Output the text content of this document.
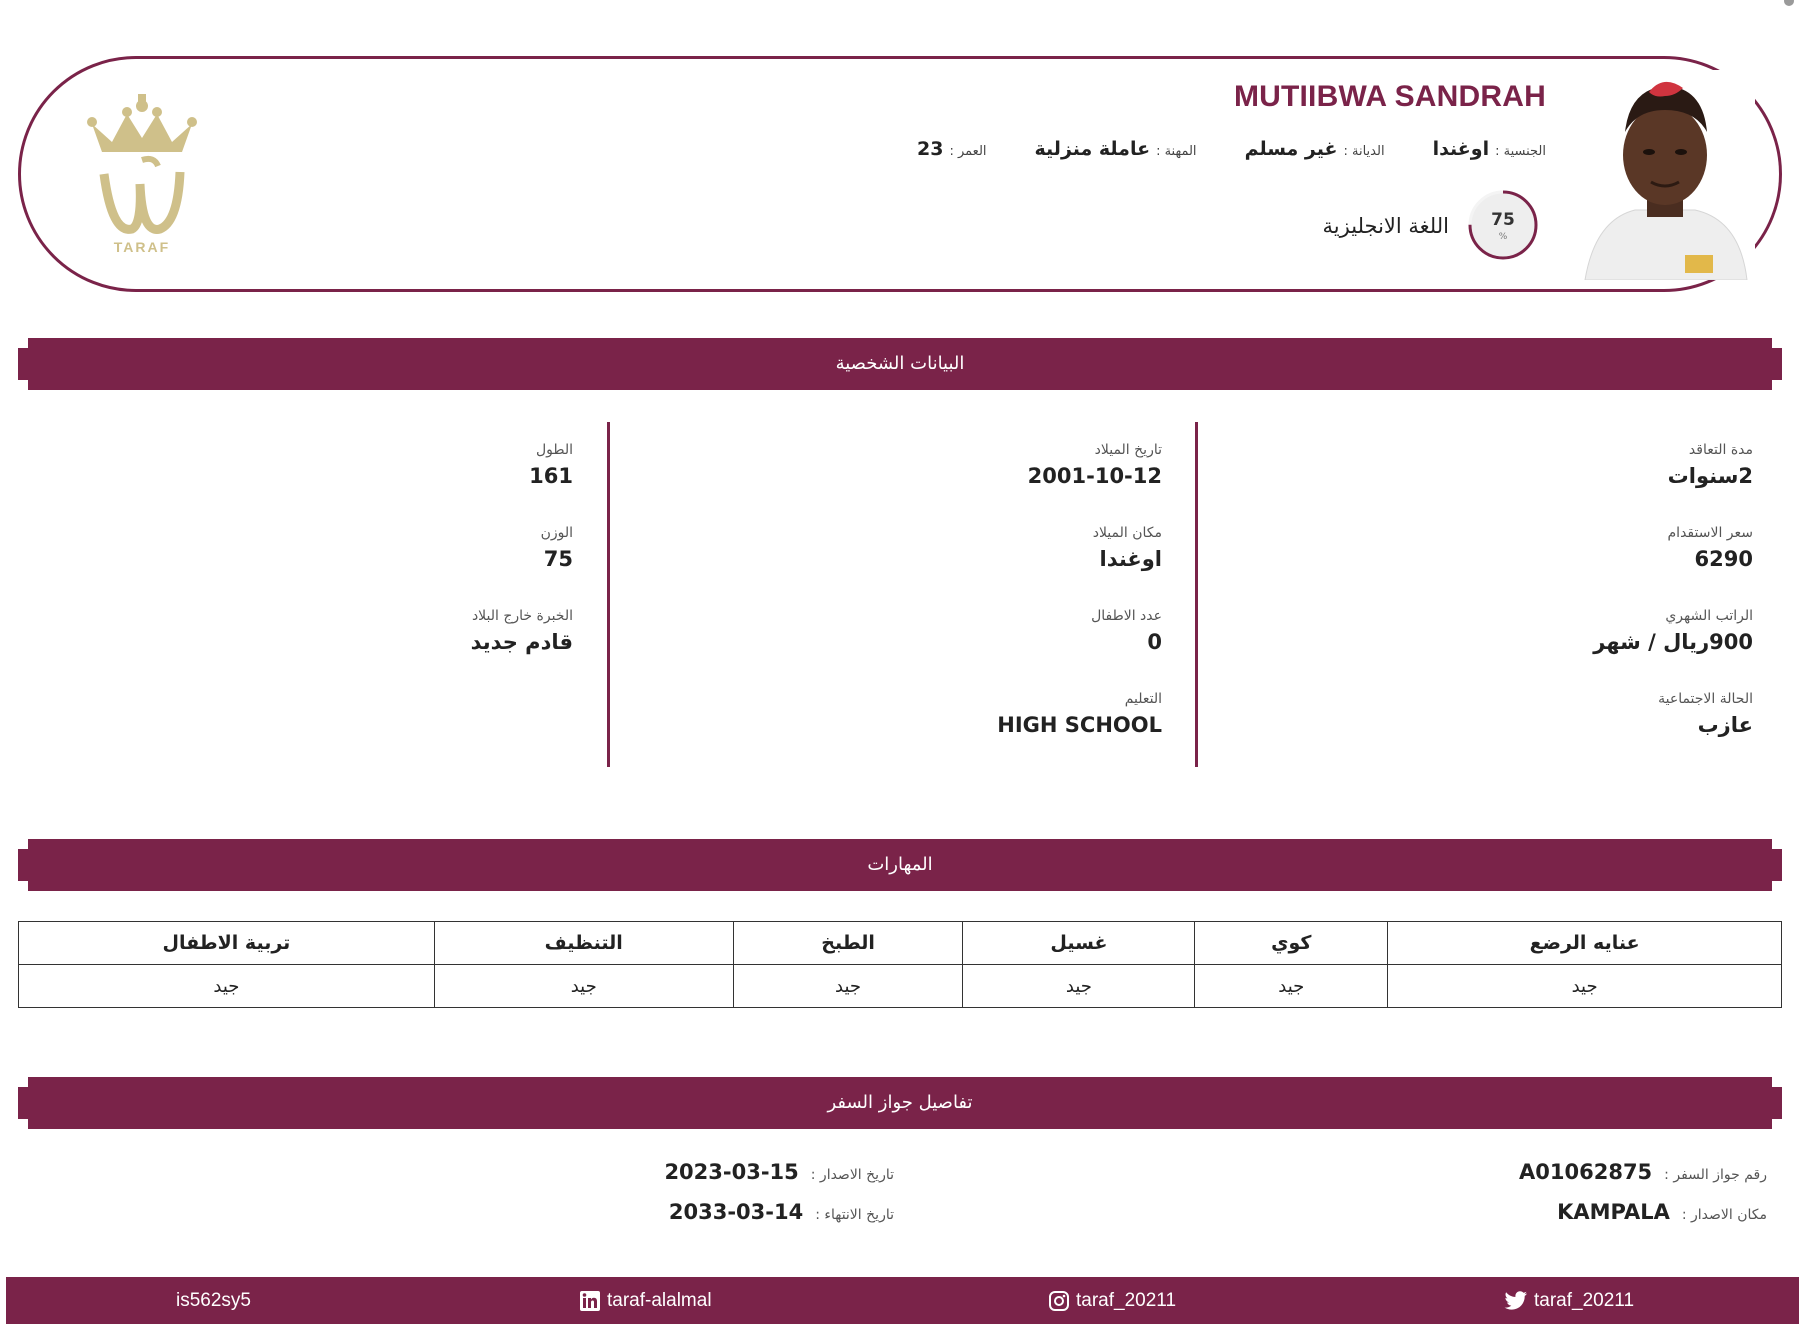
MUTIIBWA SANDRAH
الجنسية :
اوغندا
الديانة :
غير مسلم
المهنة :
عاملة منزلية
العمر :
23
75
%
اللغة الانجليزية
TARAF
البيانات الشخصية
مدة التعاقد
2سنوات
سعر الاستقدام
6290
الراتب الشهري
900ريال / شهر
الحالة الاجتماعية
عازب
تاريخ الميلاد
2001-10-12
مكان الميلاد
اوغندا
عدد الاطفال
0
التعليم
HIGH SCHOOL
الطول
161
الوزن
75
الخبرة خارج البلاد
قادم جديد
المهارات
عنايه الرضع	كوي	غسيل	الطبخ	التنظيف	تربية الاطفال
جيد	جيد	جيد	جيد	جيد	جيد
تفاصيل جواز السفر
رقم جواز السفر :
A01062875
مكان الاصدار :
KAMPALA
تاريخ الاصدار :
2023-03-15
تاريخ الانتهاء :
2033-03-14
is562sy5	taraf-alalmal	taraf_20211	taraf_20211
